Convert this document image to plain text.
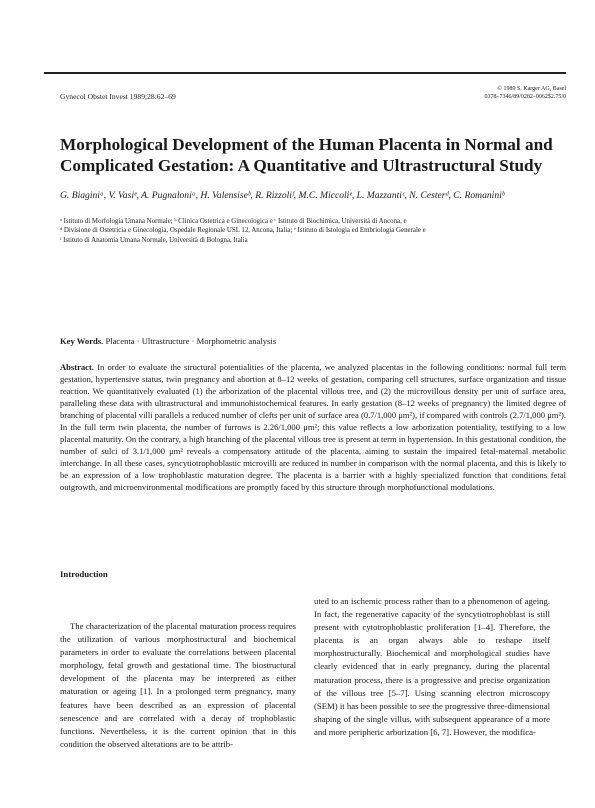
Gynecol Obstet Invest 1989;28:62–69
© 1989 S. Karger AG, Basel
0378–7346/89/0282–0062$2.75/0
Morphological Development of the Human Placenta in Normal and Complicated Gestation: A Quantitative and Ultrastructural Study
G. Biaginiᵃ, V. Vasiᵉ, A. Pugnaloniᵃ, H. Valensiseᵇ, R. Rizzoliᶠ, M.C. Miccoliᵉ, L. Mazzantiᶜ, N. Cesterᵈ, C. Romaniniᵇ
ᵃ Istituto di Morfologia Umana Normale; ᵇ Clinica Ostetrica e Ginecologica e ᶜ Istituto di Biochimica, Università di Ancona, e
ᵈ Divisione di Ostetricia e Ginecologia, Ospedale Regionale USL 12, Ancona, Italia; ᵉ Istituto di Istologia ed Embriologia Generale e
ᶠ Istituto di Anatomia Umana Normale, Università di Bologna, Italia
Key Words. Placenta · Ultrastructure · Morphometric analysis

Abstract. In order to evaluate the structural potentialities of the placenta, we analyzed placentas in the following conditions: normal full term gestation, hypertensive status, twin pregnancy and abortion at 8–12 weeks of gestation, comparing cell structures, surface organization and tissue reaction. We quantitatively evaluated (1) the arborization of the placental villous tree, and (2) the microvillous density per unit of surface area, paralleling these data with ultrastructural and immunohistochemical features. In early gestation (8–12 weeks of pregnancy) the limited degree of branching of placental villi parallels a reduced number of clefts per unit of surface area (0.7/1,000 μm²), if compared with controls (2.7/1,000 μm²). In the full term twin placenta, the number of furrows is 2.26/1,000 μm²; this value reflects a low arborization potentiality, testifying to a low placental maturity. On the contrary, a high branching of the placental villous tree is present at term in hypertension. In this gestational condition, the number of sulci of 3.1/1,000 μm² reveals a compensatory attitude of the placenta, aiming to sustain the impaired fetal-maternal metabolic interchange. In all these cases, syncytiotrophoblastic microvilli are reduced in number in comparison with the normal placenta, and this is likely to be an expression of a low trophoblastic maturation degree. The placenta is a barrier with a highly specialized function that conditions fetal outgrowth, and microenvironmental modifications are promptly faced by this structure through morphofunctional modulations.

Introduction

The characterization of the placental maturation process requires the utilization of various morphostructural and biochemical parameters in order to evaluate the correlations between placental morphology, fetal growth and gestational time. The biostructural development of the placenta may be interpreted as either maturation or ageing [1]. In a prolonged term pregnancy, many features have been described as an expression of placental senescence and are correlated with a decay of trophoblastic functions. Nevertheless, it is the current opinion that in this condition the observed alterations are to be attrib-

uted to an ischemic process rather than to a phenomenon of ageing. In fact, the regenerative capacity of the syncytiotrophoblast is still present with cytotrophoblastic proliferation [1–4]. Therefore, the placenta is an organ always able to reshape itself morphostructurally. Biochemical and morphological studies have clearly evidenced that in early pregnancy, during the placental maturation process, there is a progressive and precise organization of the villous tree [5–7]. Using scanning electron microscopy (SEM) it has been possible to see the progressive three-dimensional shaping of the single villus, with subsequent appearance of a more and more peripheric arborization [6, 7]. However, the modifica-
